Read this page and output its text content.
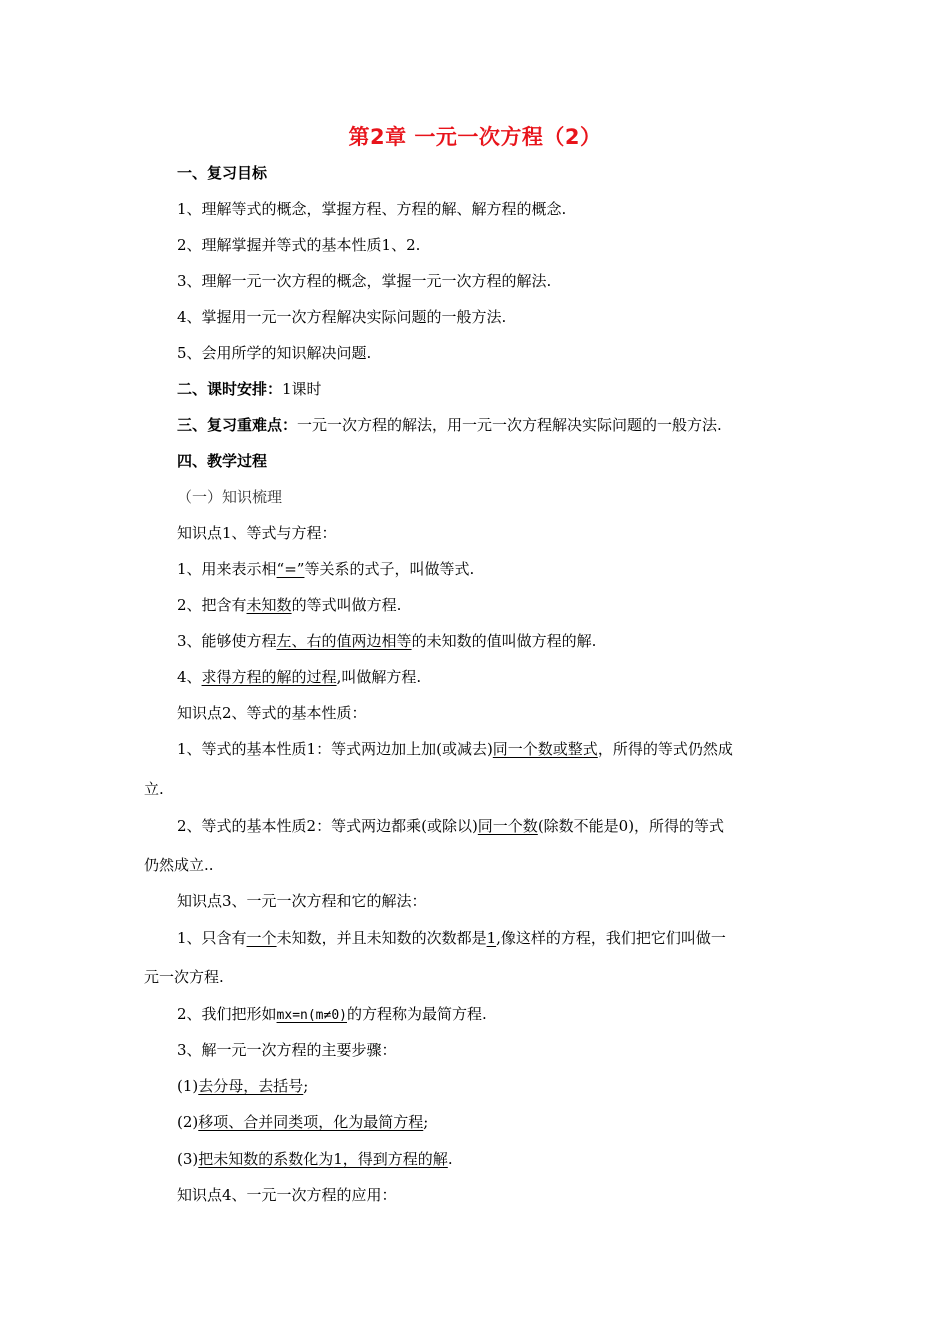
第2章 一元一次方程（2）
一、复习目标
1、理解等式的概念，掌握方程、方程的解、解方程的概念.
2、理解掌握并等式的基本性质1、2.
3、理解一元一次方程的概念，掌握一元一次方程的解法.
4、掌握用一元一次方程解决实际问题的一般方法.
5、会用所学的知识解决问题.
二、课时安排：1课时
三、复习重难点：一元一次方程的解法，用一元一次方程解决实际问题的一般方法.
四、教学过程
（一）知识梳理
知识点1、等式与方程：
1、用来表示相“=”等关系的式子，叫做等式.
2、把含有未知数的等式叫做方程.
3、能够使方程左、右的值两边相等的未知数的值叫做方程的解.
4、求得方程的解的过程,叫做解方程.
知识点2、等式的基本性质：
1、等式的基本性质1：等式两边加上加(或减去)同一个数或整式，所得的等式仍然成
立.
2、等式的基本性质2：等式两边都乘(或除以)同一个数(除数不能是0)，所得的等式
仍然成立..
知识点3、一元一次方程和它的解法：
1、只含有一个未知数，并且未知数的次数都是1,像这样的方程，我们把它们叫做一
元一次方程.
2、我们把形如mx=n(m≠0)的方程称为最简方程.
3、解一元一次方程的主要步骤：
(1)去分母，去括号;
(2)移项、合并同类项，化为最简方程;
(3)把未知数的系数化为1，得到方程的解.
知识点4、一元一次方程的应用：
